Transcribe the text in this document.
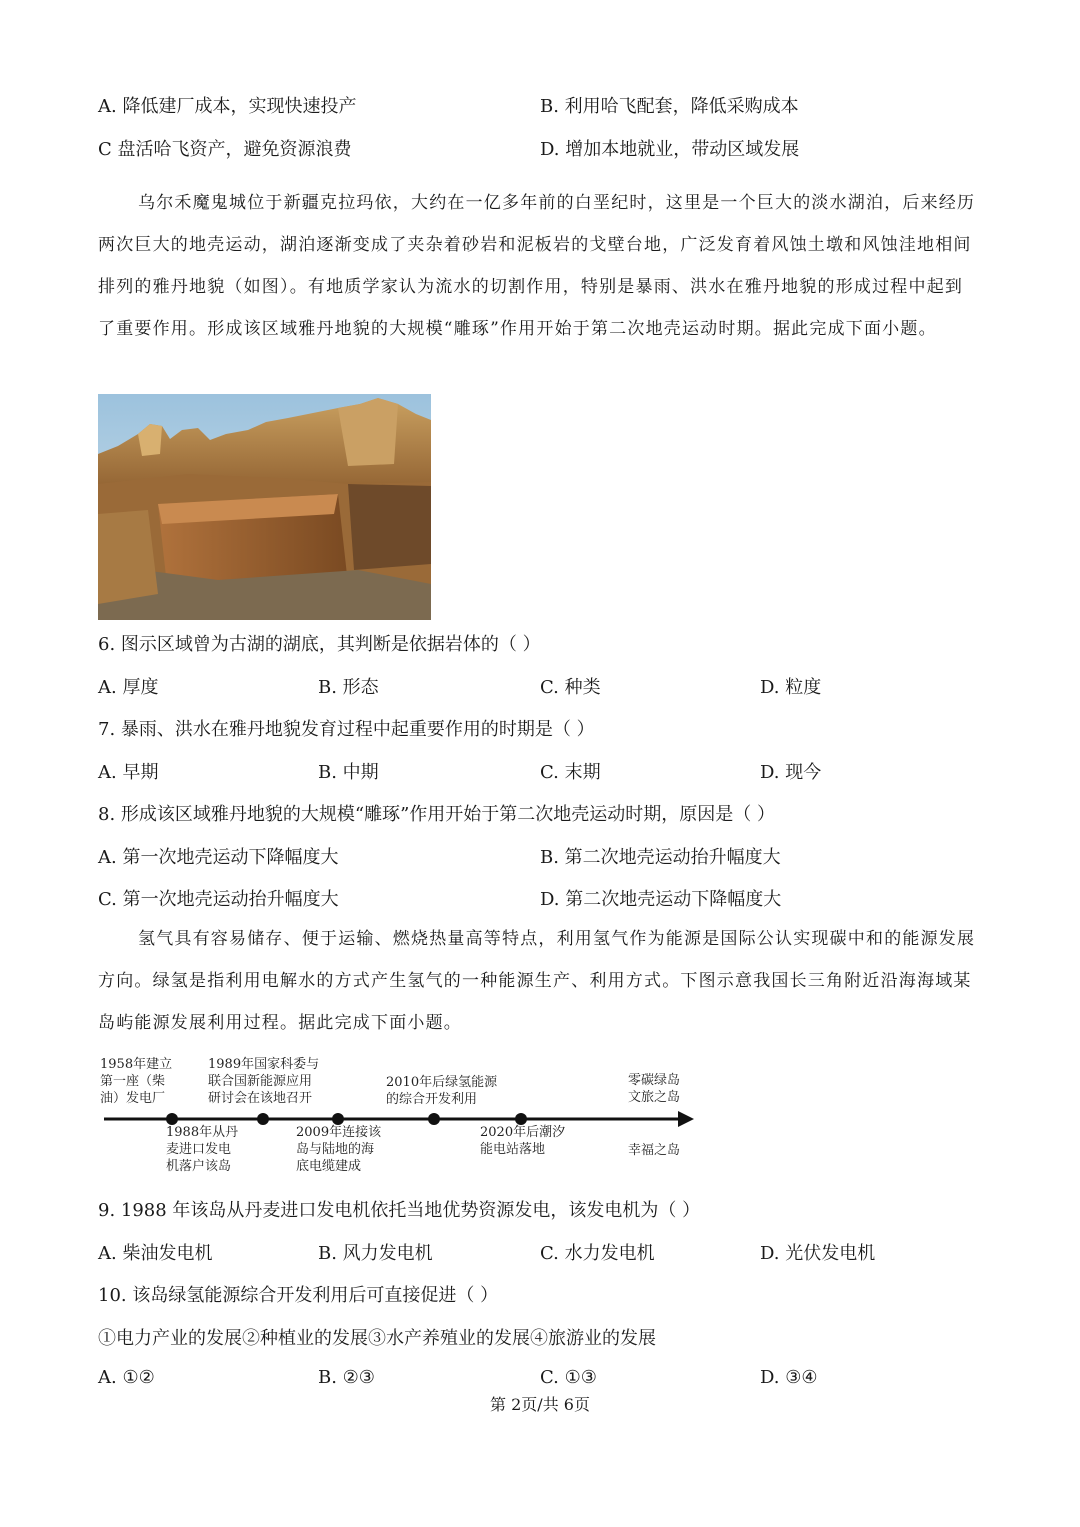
A. 降低建厂成本，实现快速投产	B. 利用哈飞配套，降低采购成本
C 盘活哈飞资产，避免资源浪费	D. 增加本地就业，带动区域发展
乌尔禾魔鬼城位于新疆克拉玛依，大约在一亿多年前的白垩纪时，这里是一个巨大的淡水湖泊，后来经历两次巨大的地壳运动，湖泊逐渐变成了夹杂着砂岩和泥板岩的戈壁台地，广泛发育着风蚀土墩和风蚀洼地相间排列的雅丹地貌（如图）。有地质学家认为流水的切割作用，特别是暴雨、洪水在雅丹地貌的形成过程中起到了重要作用。形成该区域雅丹地貌的大规模“雕琢”作用开始于第二次地壳运动时期。据此完成下面小题。
6. 图示区域曾为古湖的湖底，其判断是依据岩体的（ ）
A. 厚度	B. 形态	C. 种类	D. 粒度
7. 暴雨、洪水在雅丹地貌发育过程中起重要作用的时期是（ ）
A. 早期	B. 中期	C. 末期	D. 现今
8. 形成该区域雅丹地貌的大规模“雕琢”作用开始于第二次地壳运动时期，原因是（ ）
A. 第一次地壳运动下降幅度大	B. 第二次地壳运动抬升幅度大
C. 第一次地壳运动抬升幅度大	D. 第二次地壳运动下降幅度大
氢气具有容易储存、便于运输、燃烧热量高等特点，利用氢气作为能源是国际公认实现碳中和的能源发展方向。绿氢是指利用电解水的方式产生氢气的一种能源生产、利用方式。下图示意我国长三角附近沿海海域某岛屿能源发展利用过程。据此完成下面小题。
1958年建立
第一座（柴
油）发电厂
1989年国家科委与
联合国新能源应用
研讨会在该地召开
2010年后绿氢能源
的综合开发利用
零碳绿岛
文旅之岛
1988年从丹
麦进口发电
机落户该岛
2009年连接该
岛与陆地的海
底电缆建成
2020年后潮汐
能电站落地	幸福之岛
9. 1988 年该岛从丹麦进口发电机依托当地优势资源发电，该发电机为（ ）
A. 柴油发电机	B. 风力发电机	C. 水力发电机	D. 光伏发电机
10. 该岛绿氢能源综合开发利用后可直接促进（ ）
①电力产业的发展②种植业的发展③水产养殖业的发展④旅游业的发展
A. ①②	B. ②③	C. ①③	D. ③④
第 2页/共 6页
